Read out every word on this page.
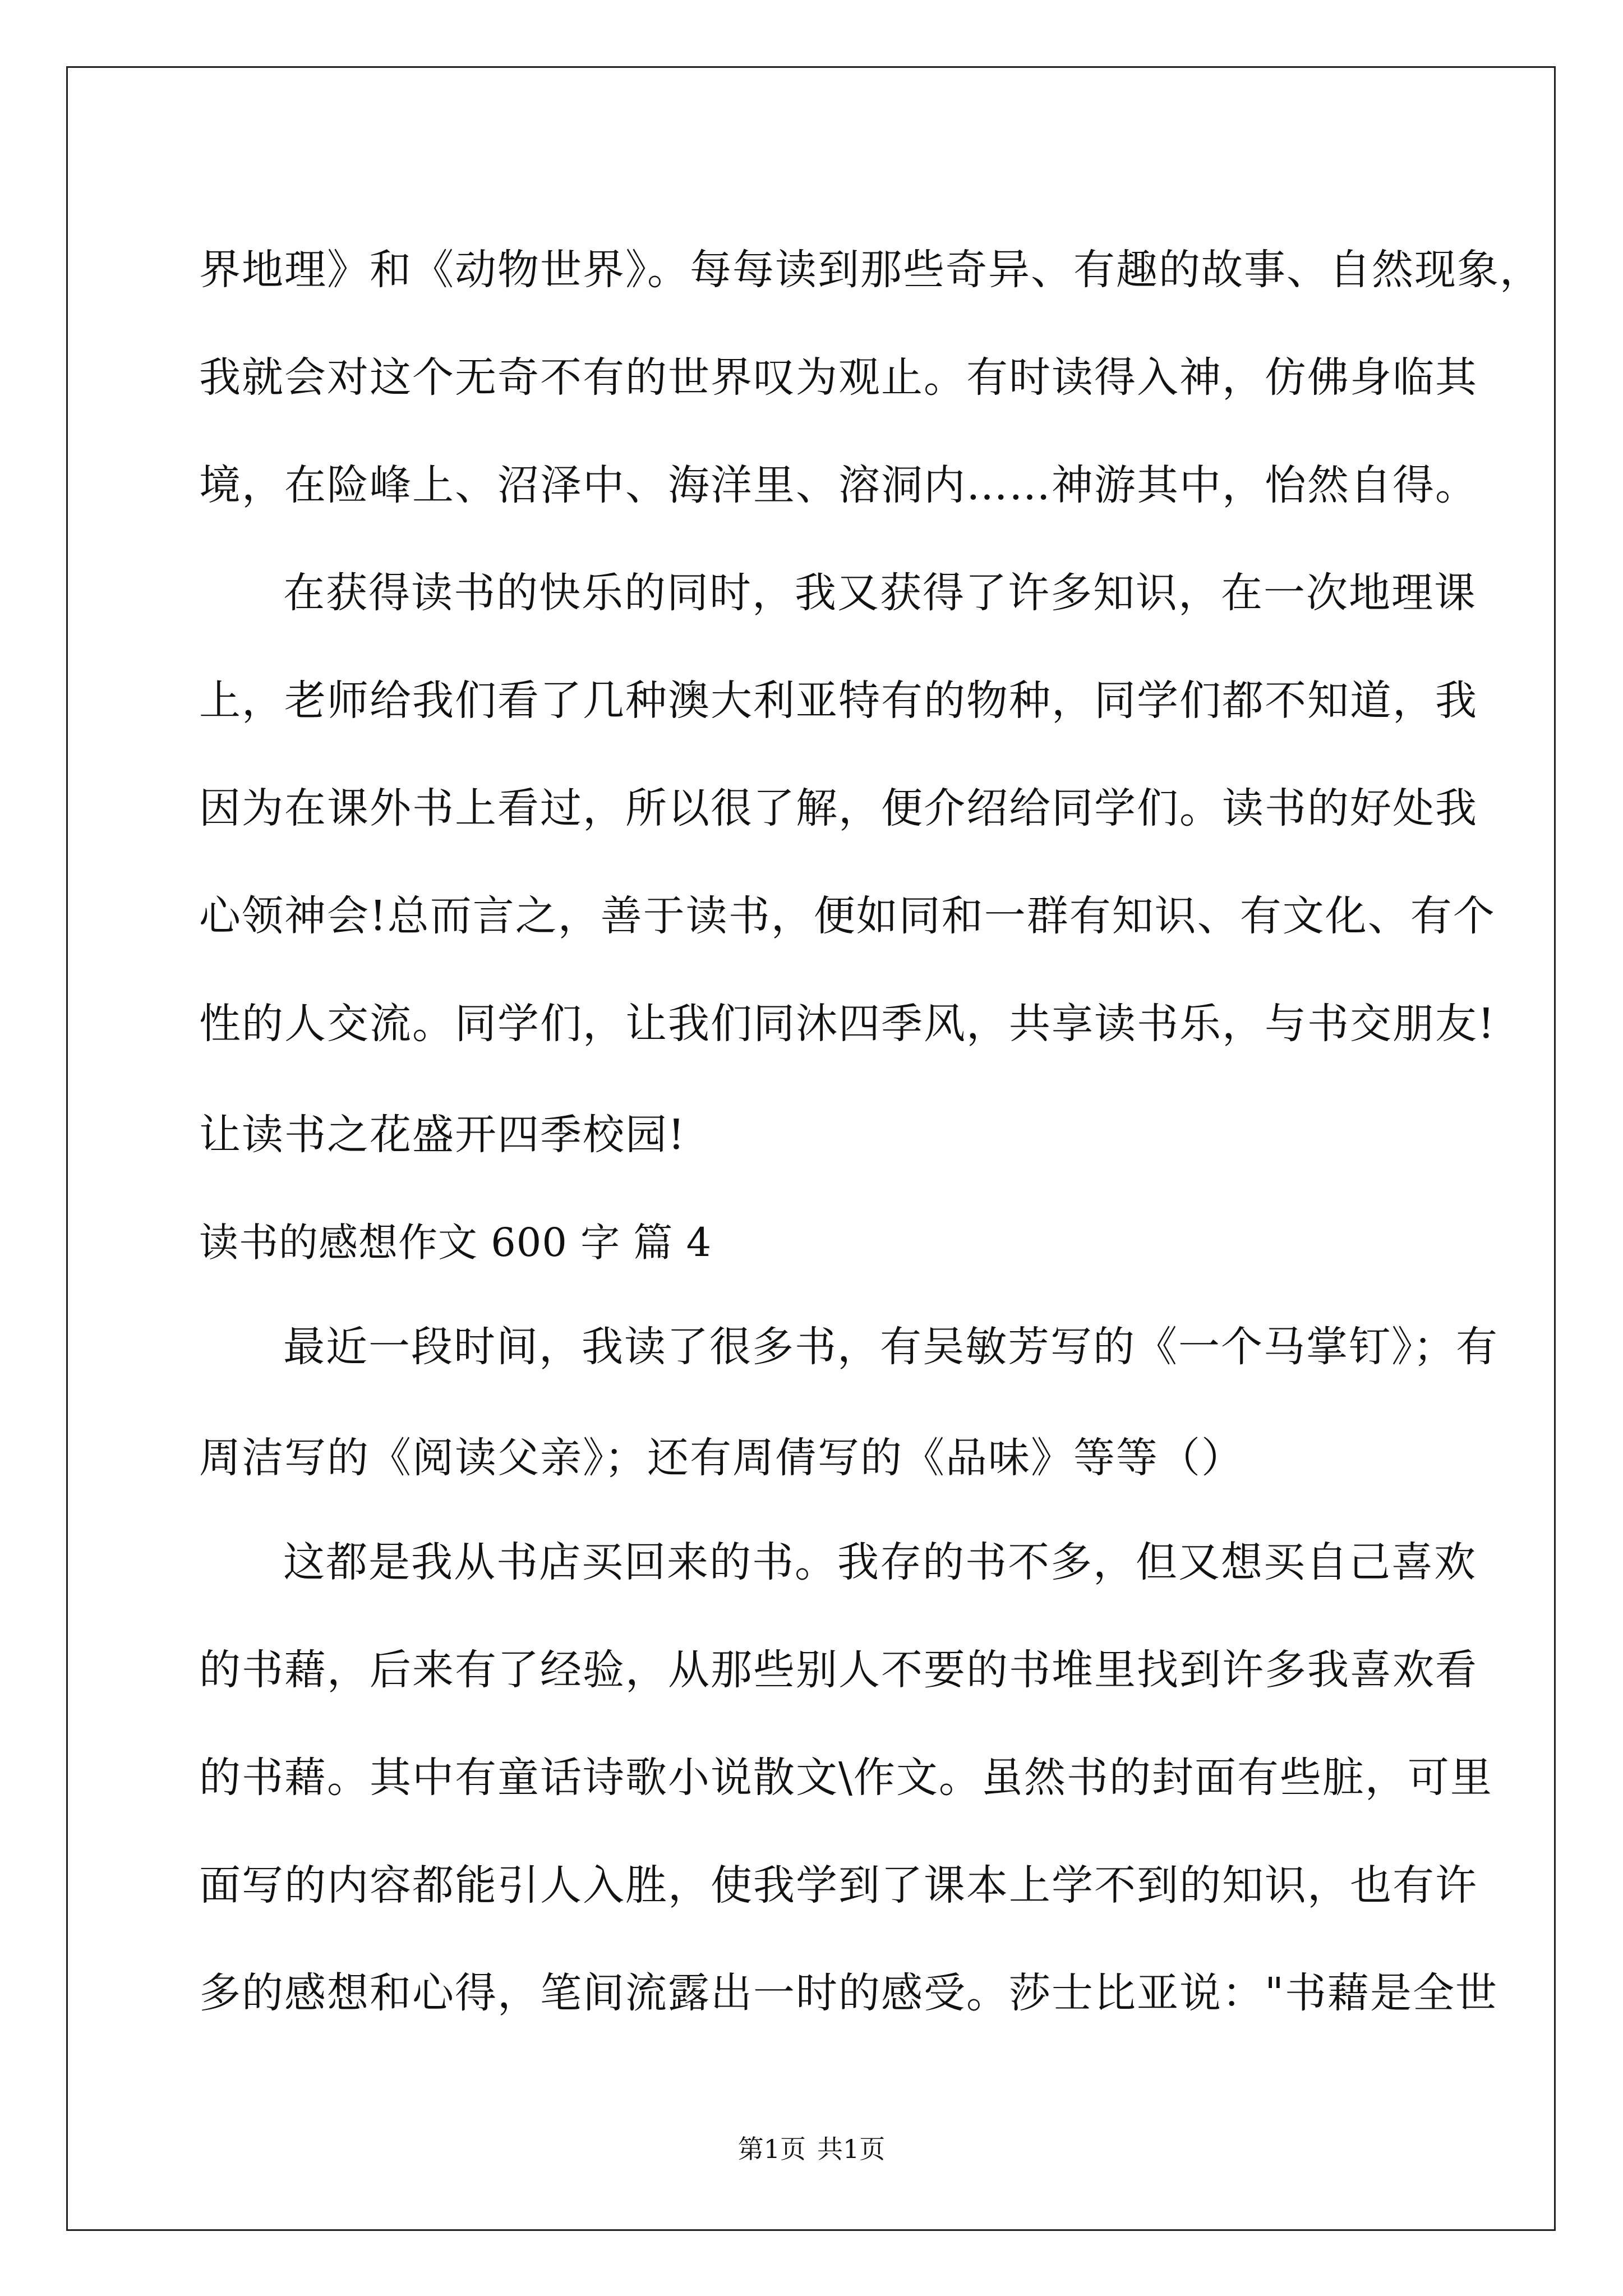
界地理》和《动物世界》。每每读到那些奇异、有趣的故事、自然现象，
我就会对这个无奇不有的世界叹为观止。有时读得入神，仿佛身临其
境，在险峰上、沼泽中、海洋里、溶洞内……神游其中，怡然自得。
在获得读书的快乐的同时，我又获得了许多知识，在一次地理课
上，老师给我们看了几种澳大利亚特有的物种，同学们都不知道，我
因为在课外书上看过，所以很了解，便介绍给同学们。读书的好处我
心领神会!总而言之，善于读书，便如同和一群有知识、有文化、有个
性的人交流。同学们，让我们同沐四季风，共享读书乐，与书交朋友!
让读书之花盛开四季校园!
读书的感想作文 600 字 篇 4
最近一段时间，我读了很多书，有吴敏芳写的《一个马掌钉》；有
周洁写的《阅读父亲》；还有周倩写的《品味》等等（）
这都是我从书店买回来的书。我存的书不多，但又想买自己喜欢
的书藉，后来有了经验，从那些别人不要的书堆里找到许多我喜欢看
的书藉。其中有童话诗歌小说散文\作文。虽然书的封面有些脏，可里
面写的内容都能引人入胜，使我学到了课本上学不到的知识，也有许
多的感想和心得，笔间流露出一时的感受。莎士比亚说："书藉是全世
第1页 共1页
